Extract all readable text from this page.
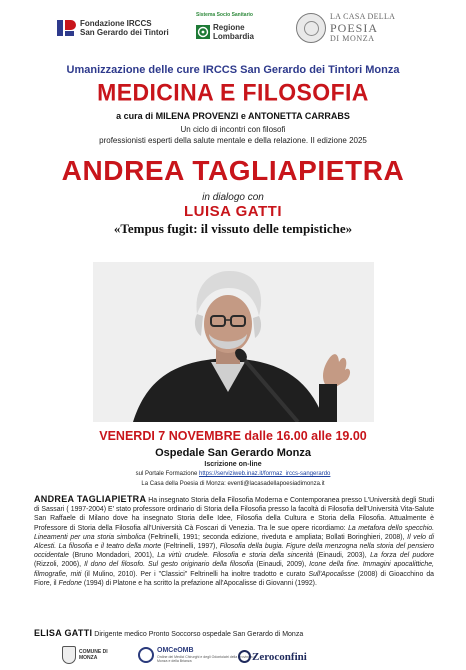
Fondazione IRCCS
San Gerardo dei Tintori
Sistema Socio Sanitario
Regione
Lombardia
LA CASA DELLA
POESIA
DI MONZA
Umanizzazione delle cure IRCCS San Gerardo dei Tintori Monza
MEDICINA E FILOSOFIA
a cura di MILENA PROVENZI e ANTONETTA CARRABS
Un ciclo di incontri con filosofi
professionisti esperti della salute mentale e della relazione. II edizione 2025
ANDREA TAGLIAPIETRA
in dialogo con
LUISA GATTI
«Tempus fugit: il vissuto delle tempistiche»
VENERDI 7 NOVEMBRE dalle 16.00 alle 19.00
Ospedale San Gerardo Monza
Iscrizione on-line
sul Portale Formazione https://serviziweb.inaz.it/formaz_irccs-sangerardo
La Casa della Poesia di Monza: eventi@lacasadellapoesiadimonza.it
ANDREA TAGLIAPIETRA Ha insegnato Storia della Filosofia Moderna e Contemporanea presso L'Università degli Studi di Sassari ( 1997-2004) E' stato professore ordinario di Storia della Filosofia presso la facoltà di Filosofia dell'Università Vita-Salute San Raffaele di Milano dove ha insegnato Storia delle Idee, Filosofia della Cultura e Storia della Filosofia. Attualmente è Professore di Storia della Filosofia all'Università Cà Foscari di Venezia. Tra le sue opere ricordiamo: La metafora dello specchio. Lineamenti per una storia simbolica (Feltrinelli, 1991; seconda edizione, riveduta e ampliata; Bollati Boringhieri, 2008), Il velo di Alcesti. La filosofia e il teatro della morte (Feltrinelli, 1997), Filosofia della bugia. Figure della menzogna nella storia del pensiero occidentale (Bruno Mondadori, 2001), La virtù crudele. Filosofia e storia della sincerità (Einaudi, 2003), La forza del pudore (Rizzoli, 2006), Il dono del filosofo. Sul gesto originario della filosofia (Einaudi, 2009), Icone della fine. Immagini apocalittiche, filmografie, miti (il Mulino, 2010). Per i "Classici" Feltrinelli ha inoltre tradotto e curato Sull'Apocalisse (2008) di Gioacchino da Fiore, il Fedone (1994) di Platone e ha scritto la prefazione all'Apocalisse di Giovanni (1992).
ELISA GATTI Dirigente medico Pronto Soccorso ospedale San Gerardo di Monza
COMUNE DI
MONZA
OMCeOMB
Ordine dei Medici Chirurghi e degli Odontoiatri della Provincia di Monza e della Brianza	Zeroconfini
